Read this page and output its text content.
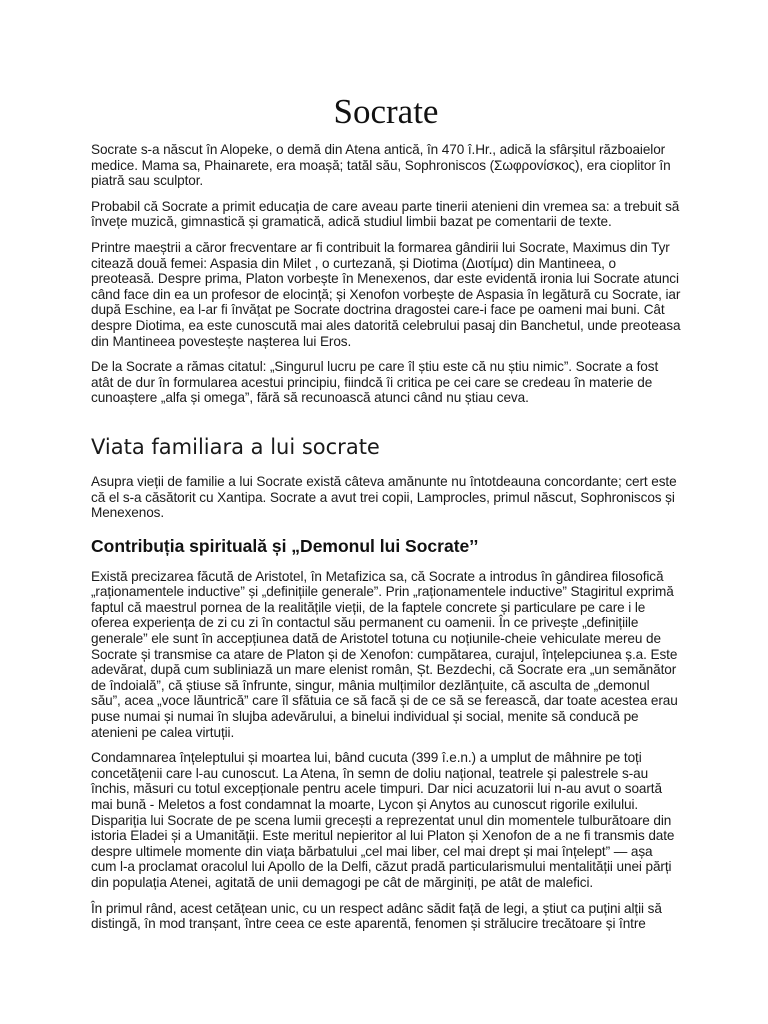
Socrate

Socrate s-a născut în Alopeke, o demă din Atena antică, în 470 î.Hr., adică la sfârșitul războaielor medice. Mama sa, Phainarete, era moașă; tatăl său, Sophroniscos (Σωφρονίσκος), era cioplitor în piatră sau sculptor.

Probabil că Socrate a primit educația de care aveau parte tinerii atenieni din vremea sa: a trebuit să învețe muzică, gimnastică și gramatică, adică studiul limbii bazat pe comentarii de texte.

Printre maeștrii a căror frecventare ar fi contribuit la formarea gândirii lui Socrate, Maximus din Tyr citează două femei: Aspasia din Milet , o curtezană, și Diotima (Διοτίμα) din Mantineea, o preoteasă. Despre prima, Platon vorbește în Menexenos, dar este evidentă ironia lui Socrate atunci când face din ea un profesor de elocință; și Xenofon vorbește de Aspasia în legătură cu Socrate, iar după Eschine, ea l-ar fi învățat pe Socrate doctrina dragostei care-i face pe oameni mai buni. Cât despre Diotima, ea este cunoscută mai ales datorită celebrului pasaj din Banchetul, unde preoteasa din Mantineea povestește nașterea lui Eros.

De la Socrate a rămas citatul: „Singurul lucru pe care îl știu este că nu știu nimic”. Socrate a fost atât de dur în formularea acestui principiu, fiindcă îi critica pe cei care se credeau în materie de cunoaștere „alfa și omega”, fără să recunoască atunci când nu știau ceva.

Viata familiara a lui socrate

Asupra vieții de familie a lui Socrate există câteva amănunte nu întotdeauna concordante; cert este că el s-a căsătorit cu Xantipa. Socrate a avut trei copii, Lamprocles, primul născut, Sophroniscos și Menexenos.

Contribuția spirituală și „Demonul lui Socrate’’

Există precizarea făcută de Aristotel, în Metafizica sa, că Socrate a introdus în gândirea filosofică „raționamentele inductive” și „definițiile generale”. Prin „raționamentele inductive” Stagiritul exprimă faptul că maestrul pornea de la realitățile vieții, de la faptele concrete și particulare pe care i le oferea experiența de zi cu zi în contactul său permanent cu oamenii. În ce privește „definițiile generale” ele sunt în accepțiunea dată de Aristotel totuna cu noțiunile-cheie vehiculate mereu de Socrate și transmise ca atare de Platon și de Xenofon: cumpătarea, curajul, înțelepciunea ș.a. Este adevărat, după cum subliniază un mare elenist român, Șt. Bezdechi, că Socrate era „un semănător de îndoială”, că știuse să înfrunte, singur, mânia mulțimilor dezlănțuite, că asculta de „demonul său”, acea „voce lăuntrică” care îl sfătuia ce să facă și de ce să se ferească, dar toate acestea erau puse numai și numai în slujba adevărului, a binelui individual și social, menite să conducă pe atenieni pe calea virtuții.

Condamnarea înțeleptului și moartea lui, bând cucuta (399 î.e.n.) a umplut de mâhnire pe toți concetățenii care l-au cunoscut. La Atena, în semn de doliu național, teatrele și palestrele s-au închis, măsuri cu totul excepționale pentru acele timpuri. Dar nici acuzatorii lui n-au avut o soartă mai bună - Meletos a fost condamnat la moarte, Lycon și Anytos au cunoscut rigorile exilului. Dispariția lui Socrate de pe scena lumii grecești a reprezentat unul din momentele tulburătoare din istoria Eladei și a Umanității. Este meritul nepieritor al lui Platon și Xenofon de a ne fi transmis date despre ultimele momente din viața bărbatului „cel mai liber, cel mai drept și mai înțelept” — așa cum l-a proclamat oracolul lui Apollo de la Delfi, căzut pradă particularismului mentalității unei părți din populația Atenei, agitată de unii demagogi pe cât de mărginiți, pe atât de malefici.

În primul rând, acest cetățean unic, cu un respect adânc sădit față de legi, a știut ca puțini alții să distingă, în mod tranșant, între ceea ce este aparentă, fenomen și strălucire trecătoare și între
